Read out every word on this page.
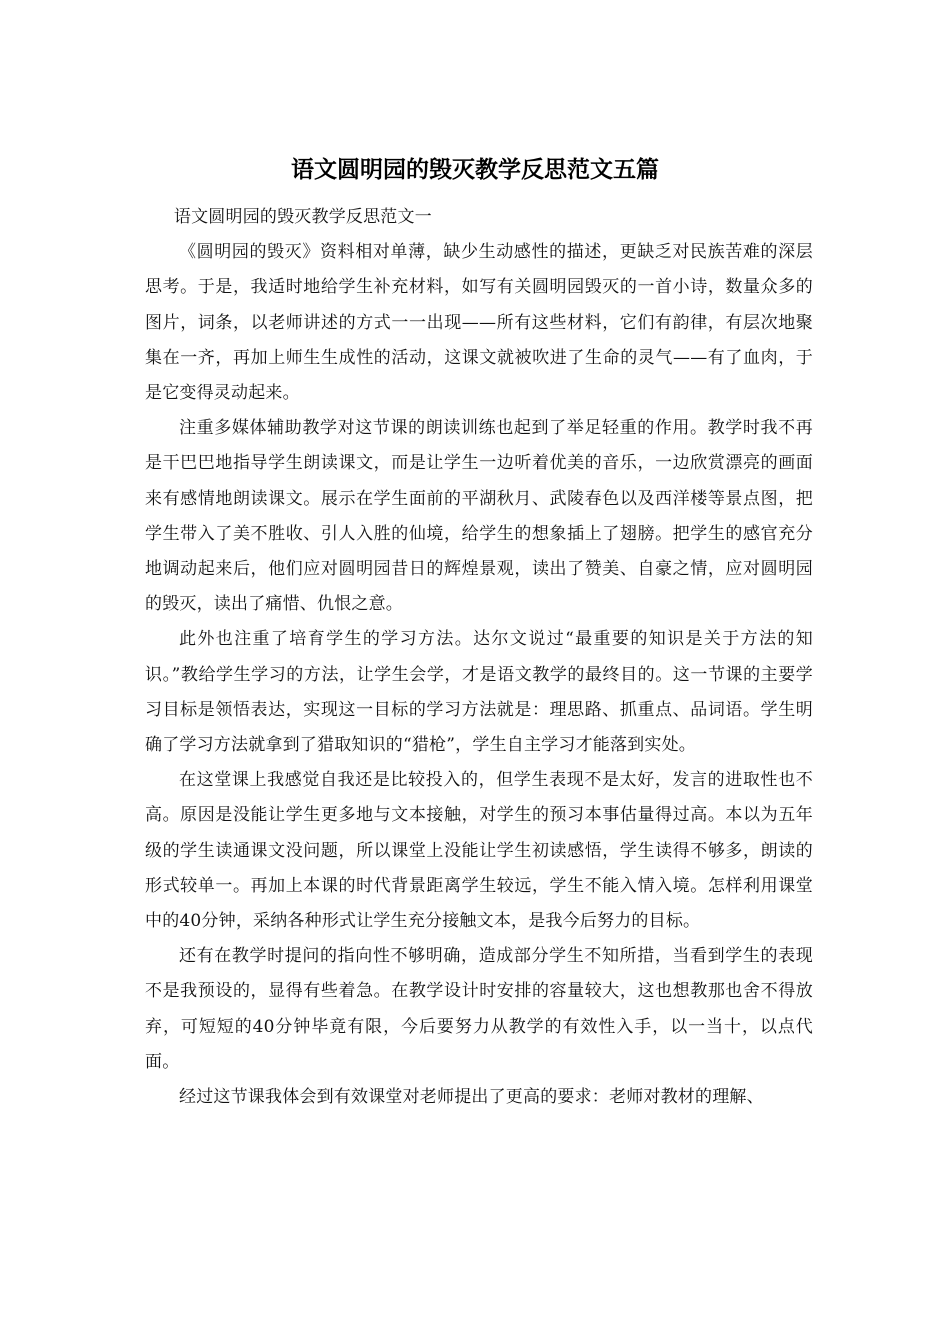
语文圆明园的毁灭教学反思范文五篇

语文圆明园的毁灭教学反思范文一

《圆明园的毁灭》资料相对单薄，缺少生动感性的描述，更缺乏对民族苦难的深层思考。于是，我适时地给学生补充材料，如写有关圆明园毁灭的一首小诗，数量众多的图片，词条，以老师讲述的方式一一出现——所有这些材料，它们有韵律，有层次地聚集在一齐，再加上师生生成性的活动，这课文就被吹进了生命的灵气——有了血肉，于是它变得灵动起来。

注重多媒体辅助教学对这节课的朗读训练也起到了举足轻重的作用。教学时我不再是干巴巴地指导学生朗读课文，而是让学生一边听着优美的音乐，一边欣赏漂亮的画面来有感情地朗读课文。展示在学生面前的平湖秋月、武陵春色以及西洋楼等景点图，把学生带入了美不胜收、引人入胜的仙境，给学生的想象插上了翅膀。把学生的感官充分地调动起来后，他们应对圆明园昔日的辉煌景观，读出了赞美、自豪之情，应对圆明园的毁灭，读出了痛惜、仇恨之意。

此外也注重了培育学生的学习方法。达尔文说过“最重要的知识是关于方法的知识。”教给学生学习的方法，让学生会学，才是语文教学的最终目的。这一节课的主要学习目标是领悟表达，实现这一目标的学习方法就是：理思路、抓重点、品词语。学生明确了学习方法就拿到了猎取知识的“猎枪”，学生自主学习才能落到实处。

在这堂课上我感觉自我还是比较投入的，但学生表现不是太好，发言的进取性也不高。原因是没能让学生更多地与文本接触，对学生的预习本事估量得过高。本以为五年级的学生读通课文没问题，所以课堂上没能让学生初读感悟，学生读得不够多，朗读的形式较单一。再加上本课的时代背景距离学生较远，学生不能入情入境。怎样利用课堂中的40分钟，采纳各种形式让学生充分接触文本，是我今后努力的目标。

还有在教学时提问的指向性不够明确，造成部分学生不知所措，当看到学生的表现不是我预设的，显得有些着急。在教学设计时安排的容量较大，这也想教那也舍不得放弃，可短短的40分钟毕竟有限，今后要努力从教学的有效性入手，以一当十，以点代面。

经过这节课我体会到有效课堂对老师提出了更高的要求：老师对教材的理解、
